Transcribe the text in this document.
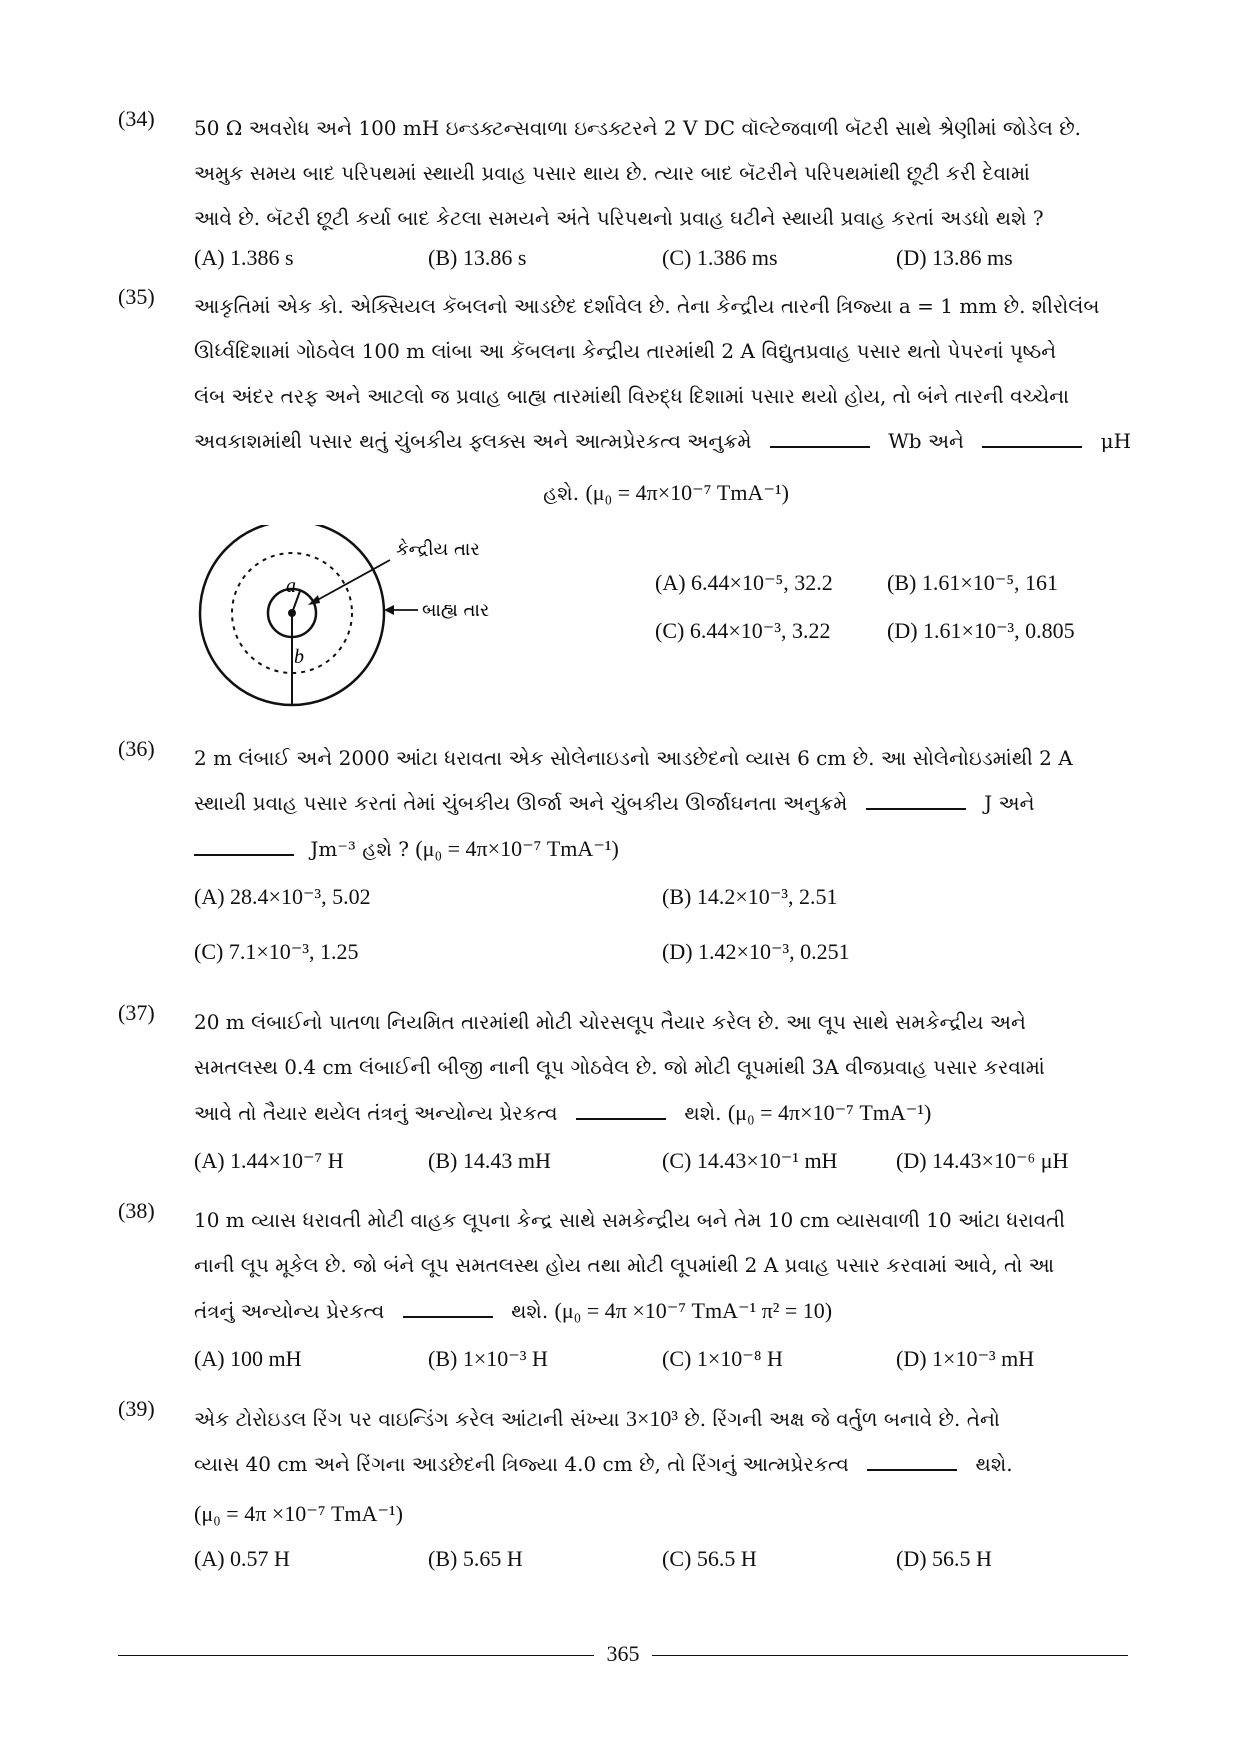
(34) 50 Ω અવરોધ અને 100 mH ઇન્ડક્ટન્સવાળા ઇન્ડક્ટરને 2 V DC વૉલ્ટેજવાળી બૅટરી સાથે શ્રેણીમાં જોડેલ છે.
અમુક સમય બાદ પરિપથમાં સ્થાયી પ્રવાહ પસાર થાય છે. ત્યાર બાદ બૅટરીને પરિપથમાંથી છૂટી કરી દેવામાં
આવે છે. બૅટરી છૂટી કર્યા બાદ કેટલા સમયને અંતે પરિપથનો પ્રવાહ ઘટીને સ્થાયી પ્રવાહ કરતાં અડધો થશે ?
(A) 1.386 s	(B) 13.86 s	(C) 1.386 ms	(D) 13.86 ms
(35) આકૃતિમાં એક કો. એક્સિયલ કૅબલનો આડછેદ દર્શાવેલ છે. તેના કેન્દ્રીય તારની ત્રિજ્યા a = 1 mm છે. શીરોલંબ
ઊર્ધ્વદિશામાં ગોઠવેલ 100 m લાંબા આ કૅબલના કેન્દ્રીય તારમાંથી 2 A વિદ્યુતપ્રવાહ પસાર થતો પેપરનાં પૃષ્ઠને
લંબ અંદર તરફ અને આટલો જ પ્રવાહ બાહ્ય તારમાંથી વિરુદ્ધ દિશામાં પસાર થયો હોય, તો બંને તારની વચ્ચેના
અવકાશમાંથી પસાર થતું ચુંબકીય ફ્લક્સ અને આત્મપ્રેરકત્વ અનુક્રમે	Wb અને	μH
હશે. (μ₀ = 4π×10⁻⁷ TmA⁻¹)
a
b
કેન્દ્રીય તાર
બાહ્ય તાર
(A) 6.44×10⁻⁵, 32.2	(B) 1.61×10⁻⁵, 161
(C) 6.44×10⁻³, 3.22	(D) 1.61×10⁻³, 0.805
(36) 2 m લંબાઈ અને 2000 આંટા ધરાવતા એક સોલેનાઇડનો આડછેદનો વ્યાસ 6 cm છે. આ સોલેનોઇડમાંથી 2 A
સ્થાયી પ્રવાહ પસાર કરતાં તેમાં ચુંબકીય ઊર્જા અને ચુંબકીય ઊર્જાઘનતા અનુક્રમે	J અને
Jm⁻³ હશે ? (μ₀ = 4π×10⁻⁷ TmA⁻¹)
(A) 28.4×10⁻³, 5.02	(B) 14.2×10⁻³, 2.51
(C) 7.1×10⁻³, 1.25	(D) 1.42×10⁻³, 0.251
(37) 20 m લંબાઈનો પાતળા નિયમિત તારમાંથી મોટી ચોરસલૂપ તૈયાર કરેલ છે. આ લૂપ સાથે સમકેન્દ્રીય અને
સમતલસ્થ 0.4 cm લંબાઈની બીજી નાની લૂપ ગોઠવેલ છે. જો મોટી લૂપમાંથી 3A વીજપ્રવાહ પસાર કરવામાં
આવે તો તૈયાર થયેલ તંત્રનું અન્યોન્ય પ્રેરકત્વ	થશે. (μ₀ = 4π×10⁻⁷ TmA⁻¹)
(A) 1.44×10⁻⁷ H	(B) 14.43 mH	(C) 14.43×10⁻¹ mH	(D) 14.43×10⁻⁶ μH
(38) 10 m વ્યાસ ધરાવતી મોટી વાહક લૂપના કેન્દ્ર સાથે સમકેન્દ્રીય બને તેમ 10 cm વ્યાસવાળી 10 આંટા ધરાવતી
નાની લૂપ મૂકેલ છે. જો બંને લૂપ સમતલસ્થ હોય તથા મોટી લૂપમાંથી 2 A પ્રવાહ પસાર કરવામાં આવે, તો આ
તંત્રનું અન્યોન્ય પ્રેરકત્વ	થશે. (μ₀ = 4π ×10⁻⁷ TmA⁻¹ π² = 10)
(A) 100 mH	(B) 1×10⁻³ H	(C) 1×10⁻⁸ H	(D) 1×10⁻³ mH
(39) એક ટોરોઇડલ રિંગ પર વાઇન્ડિંગ કરેલ આંટાની સંખ્યા 3×10³ છે. રિંગની અક્ષ જે વર્તુળ બનાવે છે. તેનો
વ્યાસ 40 cm અને રિંગના આડછેદની ત્રિજ્યા 4.0 cm છે, તો રિંગનું આત્મપ્રેરકત્વ	થશે.
(μ₀ = 4π ×10⁻⁷ TmA⁻¹)
(A) 0.57 H	(B) 5.65 H	(C) 56.5 H	(D) 56.5 H
365
